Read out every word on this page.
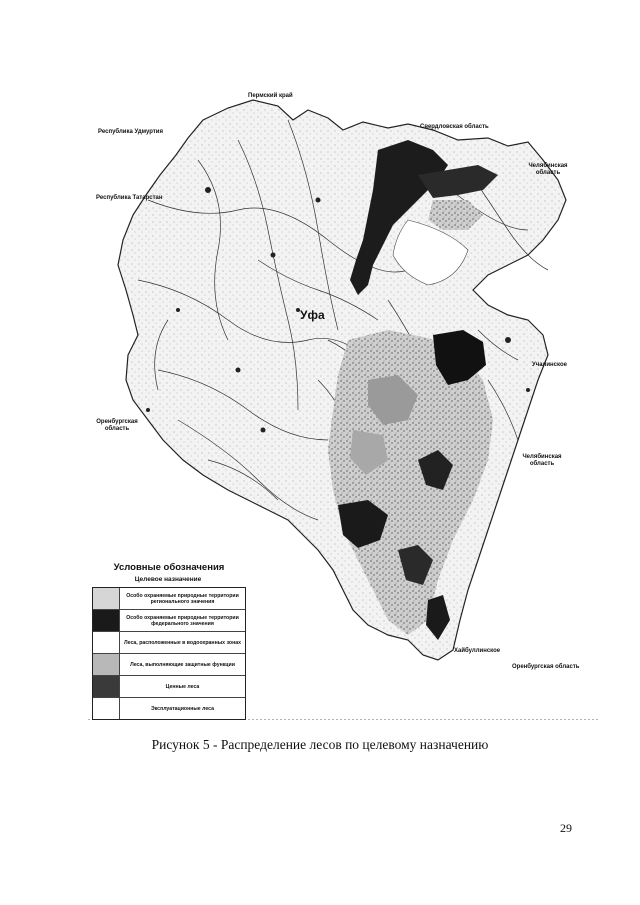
Пермский край
Республика Удмуртия
Республика Татарстан
Свердловская область
Челябинская область
Оренбургская область
Челябинская область
Оренбургская область
Учалинское
Хайбуллинское
Уфа
Условные обозначения
Целевое назначение
Особо охраняемые природные территории регионального значения
Особо охраняемые природные территории федерального значения
Леса, расположенные в водоохранных зонах
Леса, выполняющие защитные функции
Ценные леса
Эксплуатационные леса
Рисунок 5 - Распределение лесов по целевому назначению
29
